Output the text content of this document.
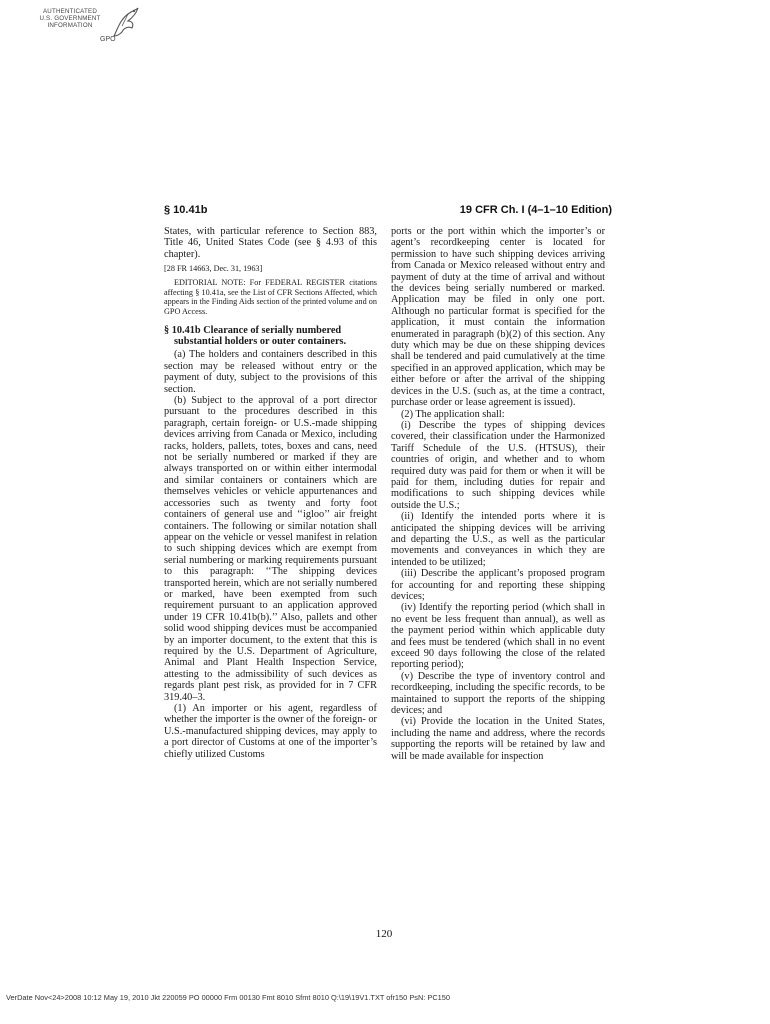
AUTHENTICATED
U.S. GOVERNMENT
INFORMATION
GPO
§ 10.41b	19 CFR Ch. I (4–1–10 Edition)

States, with particular reference to Section 883, Title 46, United States Code (see § 4.93 of this chapter).

[28 FR 14663, Dec. 31, 1963]
EDITORIAL NOTE: For FEDERAL REGISTER citations affecting § 10.41a, see the List of CFR Sections Affected, which appears in the Finding Aids section of the printed volume and on GPO Access.
§ 10.41b Clearance of serially numbered substantial holders or outer containers.

(a) The holders and containers described in this section may be released without entry or the payment of duty, subject to the provisions of this section.

(b) Subject to the approval of a port director pursuant to the procedures described in this paragraph, certain foreign- or U.S.-made shipping devices arriving from Canada or Mexico, including racks, holders, pallets, totes, boxes and cans, need not be serially numbered or marked if they are always transported on or within either intermodal and similar containers or containers which are themselves vehicles or vehicle appurtenances and accessories such as twenty and forty foot containers of general use and ‘‘igloo’’ air freight containers. The following or similar notation shall appear on the vehicle or vessel manifest in relation to such shipping devices which are exempt from serial numbering or marking requirements pursuant to this paragraph: ‘‘The shipping devices transported herein, which are not serially numbered or marked, have been exempted from such requirement pursuant to an application approved under 19 CFR 10.41b(b).’’ Also, pallets and other solid wood shipping devices must be accompanied by an importer document, to the extent that this is required by the U.S. Department of Agriculture, Animal and Plant Health Inspection Service, attesting to the admissibility of such devices as regards plant pest risk, as provided for in 7 CFR 319.40–3.

(1) An importer or his agent, regardless of whether the importer is the owner of the foreign- or U.S.-manufactured shipping devices, may apply to a port director of Customs at one of the importer’s chiefly utilized Customs

ports or the port within which the importer’s or agent’s recordkeeping center is located for permission to have such shipping devices arriving from Canada or Mexico released without entry and payment of duty at the time of arrival and without the devices being serially numbered or marked. Application may be filed in only one port. Although no particular format is specified for the application, it must contain the information enumerated in paragraph (b)(2) of this section. Any duty which may be due on these shipping devices shall be tendered and paid cumulatively at the time specified in an approved application, which may be either before or after the arrival of the shipping devices in the U.S. (such as, at the time a contract, purchase order or lease agreement is issued).

(2) The application shall:

(i) Describe the types of shipping devices covered, their classification under the Harmonized Tariff Schedule of the U.S. (HTSUS), their countries of origin, and whether and to whom required duty was paid for them or when it will be paid for them, including duties for repair and modifications to such shipping devices while outside the U.S.;

(ii) Identify the intended ports where it is anticipated the shipping devices will be arriving and departing the U.S., as well as the particular movements and conveyances in which they are intended to be utilized;

(iii) Describe the applicant’s proposed program for accounting for and reporting these shipping devices;

(iv) Identify the reporting period (which shall in no event be less frequent than annual), as well as the payment period within which applicable duty and fees must be tendered (which shall in no event exceed 90 days following the close of the related reporting period);

(v) Describe the type of inventory control and recordkeeping, including the specific records, to be maintained to support the reports of the shipping devices; and

(vi) Provide the location in the United States, including the name and address, where the records supporting the reports will be retained by law and will be made available for inspection

120
VerDate Nov<24>2008 10:12 May 19, 2010 Jkt 220059 PO 00000 Frm 00130 Fmt 8010 Sfmt 8010 Q:\19\19V1.TXT ofr150 PsN: PC150
